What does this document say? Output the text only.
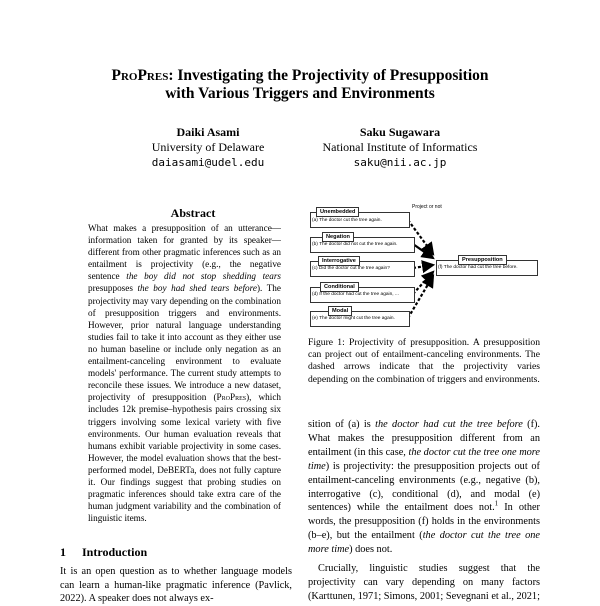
ProPres: Investigating the Projectivity of Presupposition
with Various Triggers and Environments
Daiki Asami
University of Delaware
daiasami@udel.edu
Saku Sugawara
National Institute of Informatics
saku@nii.ac.jp
Abstract
What makes a presupposition of an utterance—information taken for granted by its speaker—different from other pragmatic inferences such as an entailment is projectivity (e.g., the negative sentence the boy did not stop shedding tears presupposes the boy had shed tears before). The projectivity may vary depending on the combination of presupposition triggers and environments. However, prior natural language understanding studies fail to take it into account as they either use no human baseline or include only negation as an entailment-canceling environment to evaluate models' performance. The current study attempts to reconcile these issues. We introduce a new dataset, projectivity of presupposition (ProPres), which includes 12k premise–hypothesis pairs crossing six triggers involving some lexical variety with five environments. Our human evaluation reveals that humans exhibit variable projectivity in some cases. However, the model evaluation shows that the best-performed model, DeBERTa, does not fully capture it. Our findings suggest that probing studies on pragmatic inferences should take extra care of the human judgment variability and the combination of linguistic items.
1 Introduction
It is an open question as to whether language models can learn a human-like pragmatic inference (Pavlick, 2022). A speaker does not always ex-
Project or not
Unembedded
(a) The doctor cut the tree again.
Negation
(b) The doctor did not cut the tree again.
Interrogative
(c) Did the doctor cut the tree again?
Conditional
(d) If the doctor had cut the tree again, ...
Modal
(e) The doctor might cut the tree again.
Presupposition
(f) The doctor had cut the tree before.
Figure 1: Projectivity of presupposition. A presupposition can project out of entailment-canceling environments. The dashed arrows indicate that the projectivity varies depending on the combination of triggers and environments.

sition of (a) is the doctor had cut the tree before (f). What makes the presupposition different from an entailment (in this case, the doctor cut the tree one more time) is projectivity: the presupposition projects out of entailment-canceling environments (e.g., negative (b), interrogative (c), conditional (d), and modal (e) sentences) while the entailment does not.$^1$ In other words, the presupposition (f) holds in the environments (b–e), but the entailment (the doctor cut the tree one more time) does not.

Crucially, linguistic studies suggest that the projectivity can vary depending on many factors (Karttunen, 1971; Simons, 2001; Sevegnani et al., 2021;
